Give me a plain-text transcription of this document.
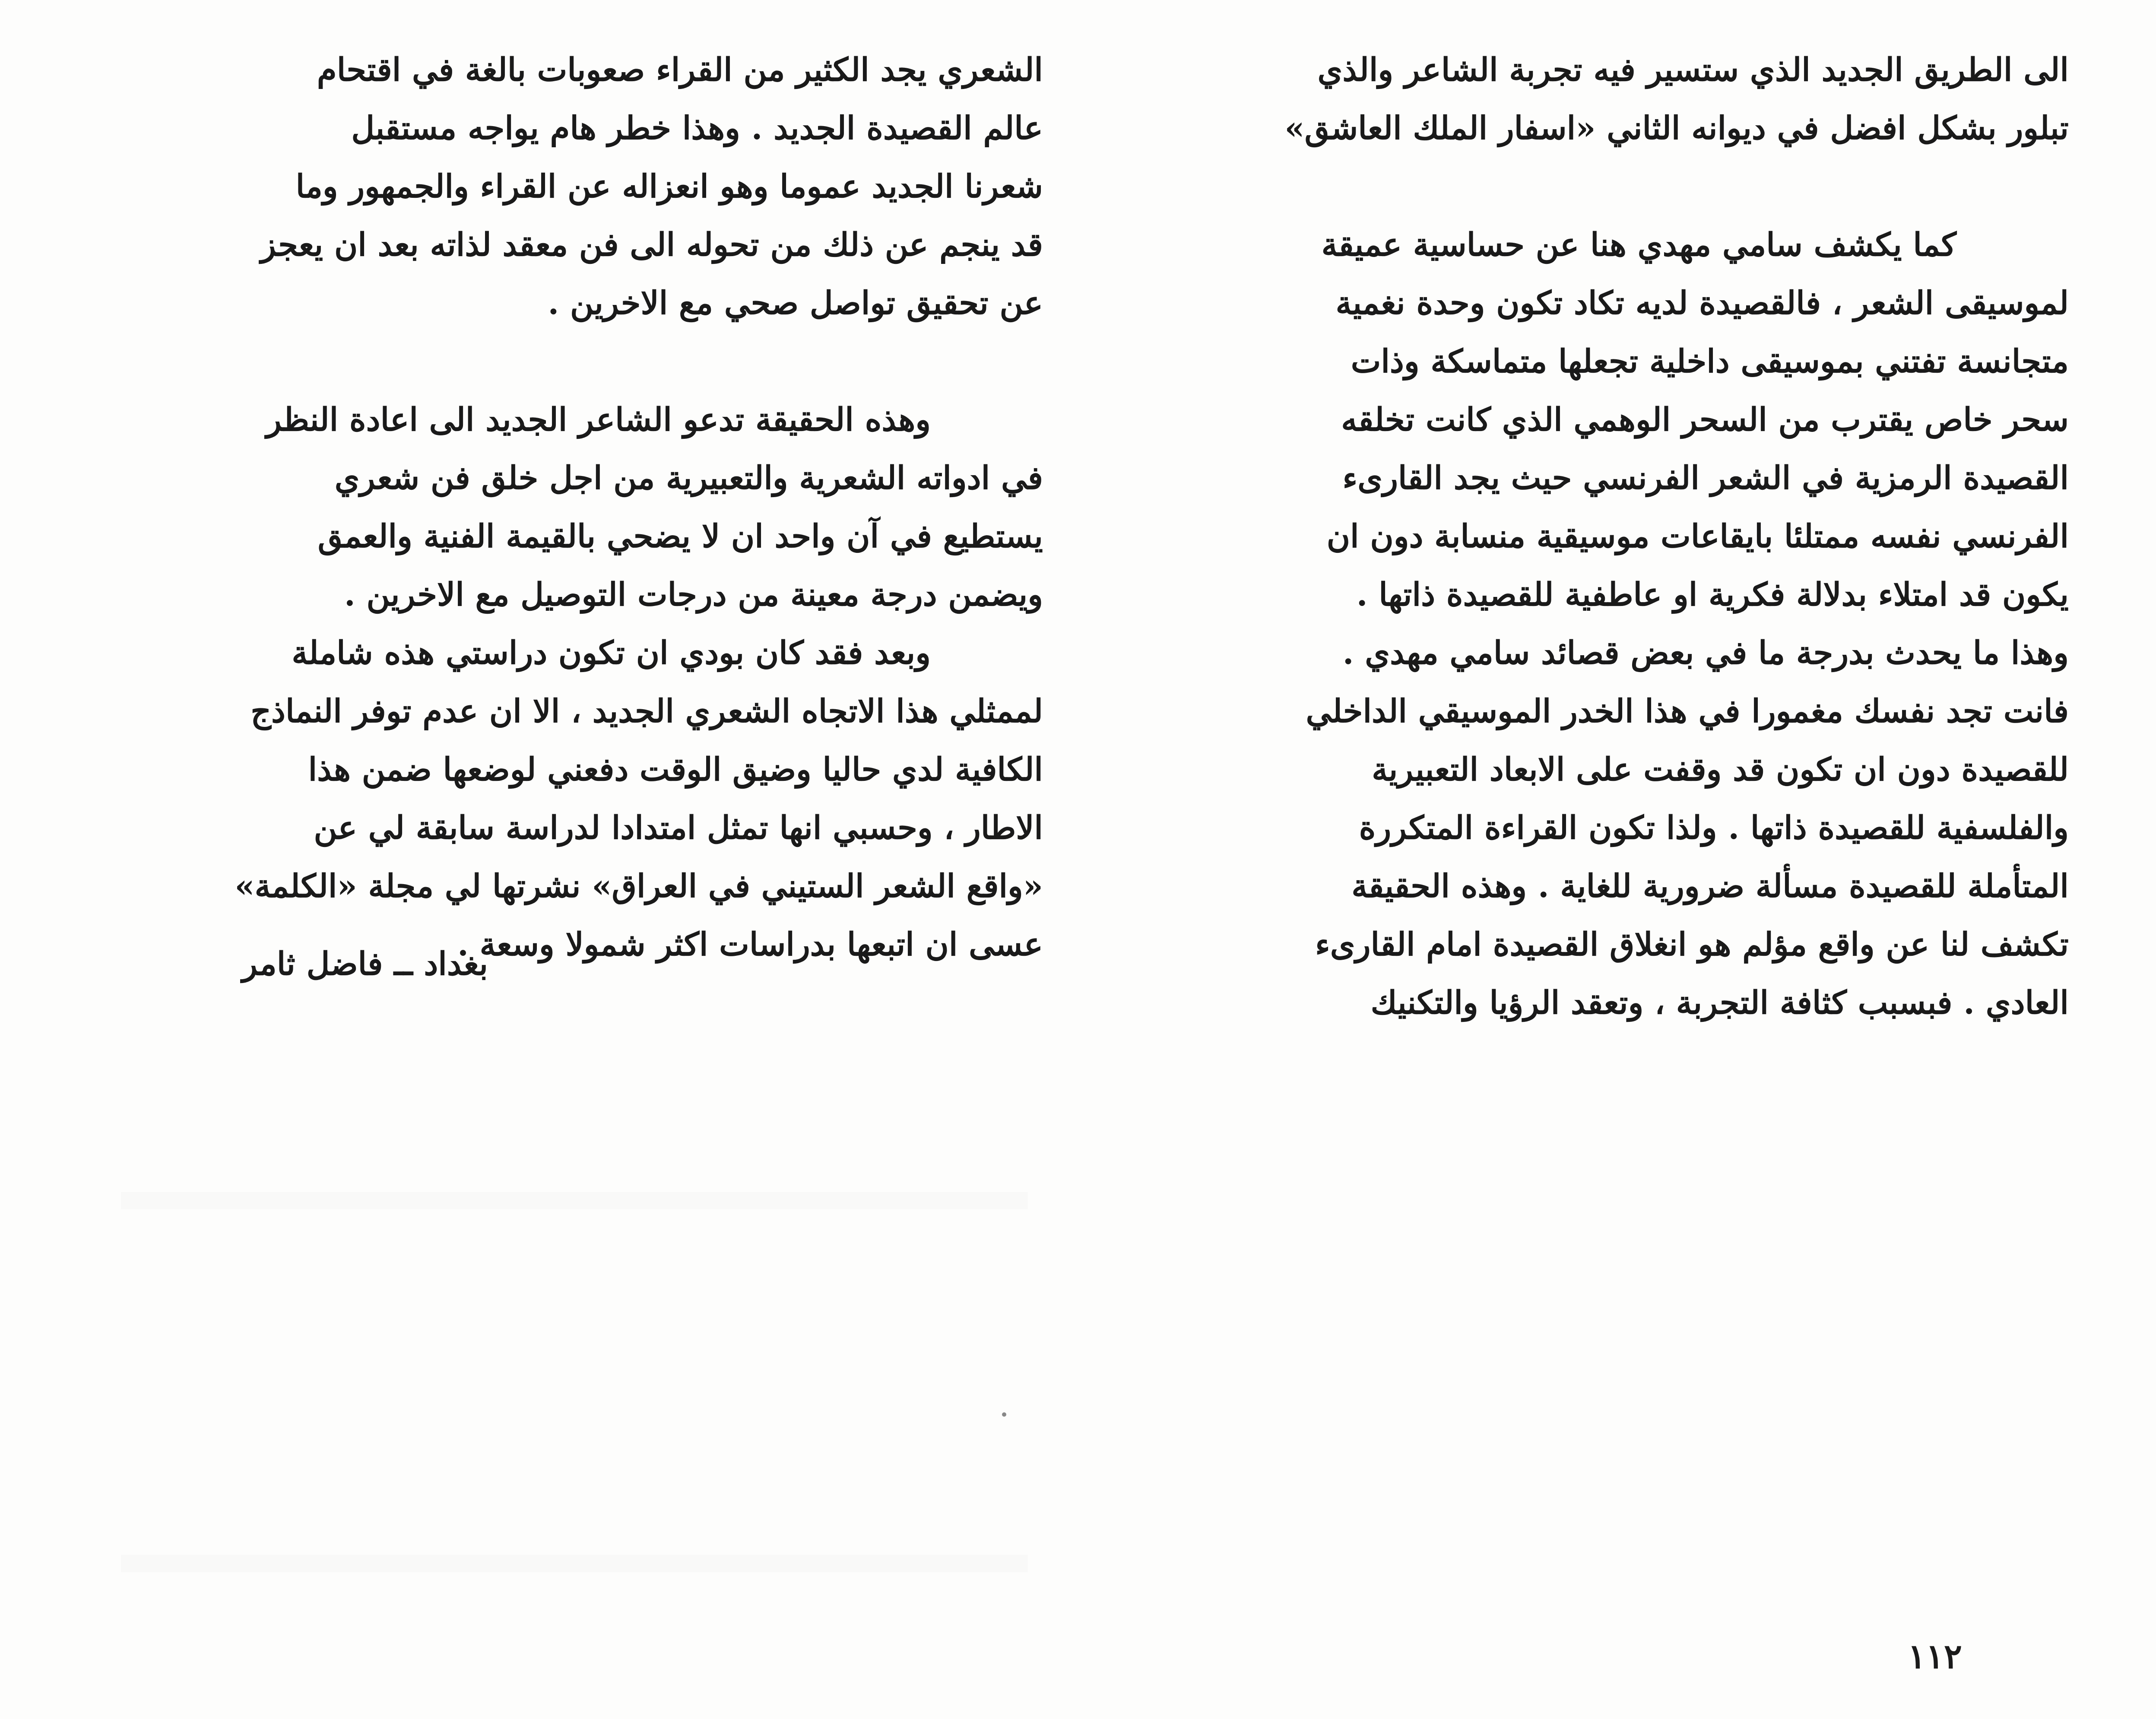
الى الطريق الجديد الذي ستسير فيه تجربة الشاعر والذي
تبلور بشكل افضل في ديوانه الثاني «اسفار الملك العاشق»
كما يكشف سامي مهدي هنا عن حساسية عميقة
لموسيقى الشعر ، فالقصيدة لديه تكاد تكون وحدة نغمية
متجانسة تفتني بموسيقى داخلية تجعلها متماسكة وذات
سحر خاص يقترب من السحر الوهمي الذي كانت تخلقه
القصيدة الرمزية في الشعر الفرنسي حيث يجد القارىء
الفرنسي نفسه ممتلئا بايقاعات موسيقية منسابة دون ان
يكون قد امتلاء بدلالة فكرية او عاطفية للقصيدة ذاتها .
وهذا ما يحدث بدرجة ما في بعض قصائد سامي مهدي .
فانت تجد نفسك مغمورا في هذا الخدر الموسيقي الداخلي
للقصيدة دون ان تكون قد وقفت على الابعاد التعبيرية
والفلسفية للقصيدة ذاتها . ولذا تكون القراءة المتكررة
المتأملة للقصيدة مسألة ضرورية للغاية . وهذه الحقيقة
تكشف لنا عن واقع مؤلم هو انغلاق القصيدة امام القارىء
العادي . فبسبب كثافة التجربة ، وتعقد الرؤيا والتكنيك
الشعري يجد الكثير من القراء صعوبات بالغة في اقتحام
عالم القصيدة الجديد . وهذا خطر هام يواجه مستقبل
شعرنا الجديد عموما وهو انعزاله عن القراء والجمهور وما
قد ينجم عن ذلك من تحوله الى فن معقد لذاته بعد ان يعجز
عن تحقيق تواصل صحي مع الاخرين .
وهذه الحقيقة تدعو الشاعر الجديد الى اعادة النظر
في ادواته الشعرية والتعبيرية من اجل خلق فن شعري
يستطيع في آن واحد ان لا يضحي بالقيمة الفنية والعمق
ويضمن درجة معينة من درجات التوصيل مع الاخرين .
وبعد فقد كان بودي ان تكون دراستي هذه شاملة
لممثلي هذا الاتجاه الشعري الجديد ، الا ان عدم توفر النماذج
الكافية لدي حاليا وضيق الوقت دفعني لوضعها ضمن هذا
الاطار ، وحسبي انها تمثل امتدادا لدراسة سابقة لي عن
«واقع الشعر الستيني في العراق» نشرتها لي مجلة «الكلمة»
عسى ان اتبعها بدراسات اكثر شمولا وسعة .
بغداد ــ فاضل ثامر
١١٢
